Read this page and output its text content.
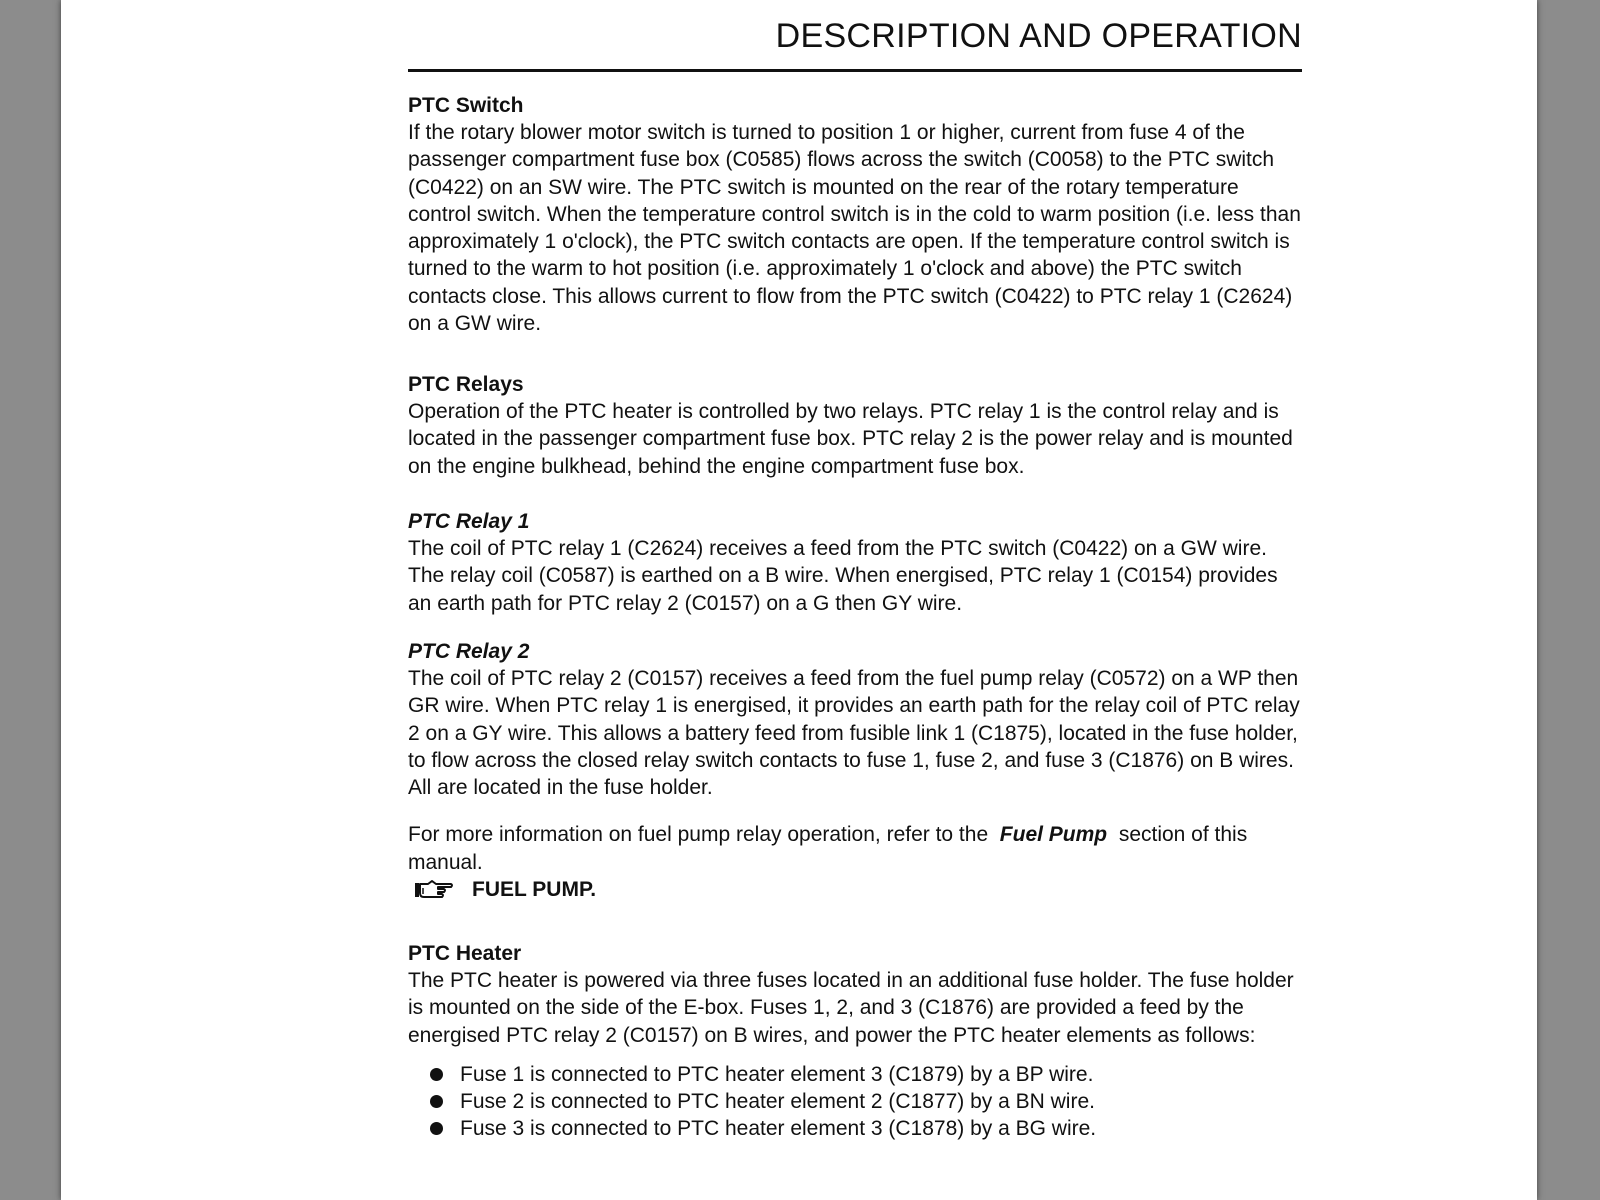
DESCRIPTION AND OPERATION
PTC Switch

If the rotary blower motor switch is turned to position 1 or higher, current from fuse 4 of the passenger compartment fuse box (C0585) flows across the switch (C0058) to the PTC switch (C0422) on an SW wire. The PTC switch is mounted on the rear of the rotary temperature control switch. When the temperature control switch is in the cold to warm position (i.e. less than approximately 1 o'clock), the PTC switch contacts are open. If the temperature control switch is turned to the warm to hot position (i.e. approximately 1 o'clock and above) the PTC switch contacts close. This allows current to flow from the PTC switch (C0422) to PTC relay 1 (C2624) on a GW wire.

PTC Relays

Operation of the PTC heater is controlled by two relays. PTC relay 1 is the control relay and is located in the passenger compartment fuse box. PTC relay 2 is the power relay and is mounted on the engine bulkhead, behind the engine compartment fuse box.

PTC Relay 1

The coil of PTC relay 1 (C2624) receives a feed from the PTC switch (C0422) on a GW wire. The relay coil (C0587) is earthed on a B wire. When energised, PTC relay 1 (C0154) provides an earth path for PTC relay 2 (C0157) on a G then GY wire.

PTC Relay 2

The coil of PTC relay 2 (C0157) receives a feed from the fuel pump relay (C0572) on a WP then GR wire. When PTC relay 1 is energised, it provides an earth path for the relay coil of PTC relay 2 on a GY wire. This allows a battery feed from fusible link 1 (C1875), located in the fuse holder, to flow across the closed relay switch contacts to fuse 1, fuse 2, and fuse 3 (C1876) on B wires. All are located in the fuse holder.

For more information on fuel pump relay operation, refer to the Fuel Pump section of this manual.

FUEL PUMP.
PTC Heater

The PTC heater is powered via three fuses located in an additional fuse holder. The fuse holder is mounted on the side of the E-box. Fuses 1, 2, and 3 (C1876) are provided a feed by the energised PTC relay 2 (C0157) on B wires, and power the PTC heater elements as follows:

Fuse 1 is connected to PTC heater element 3 (C1879) by a BP wire.
Fuse 2 is connected to PTC heater element 2 (C1877) by a BN wire.
Fuse 3 is connected to PTC heater element 3 (C1878) by a BG wire.
